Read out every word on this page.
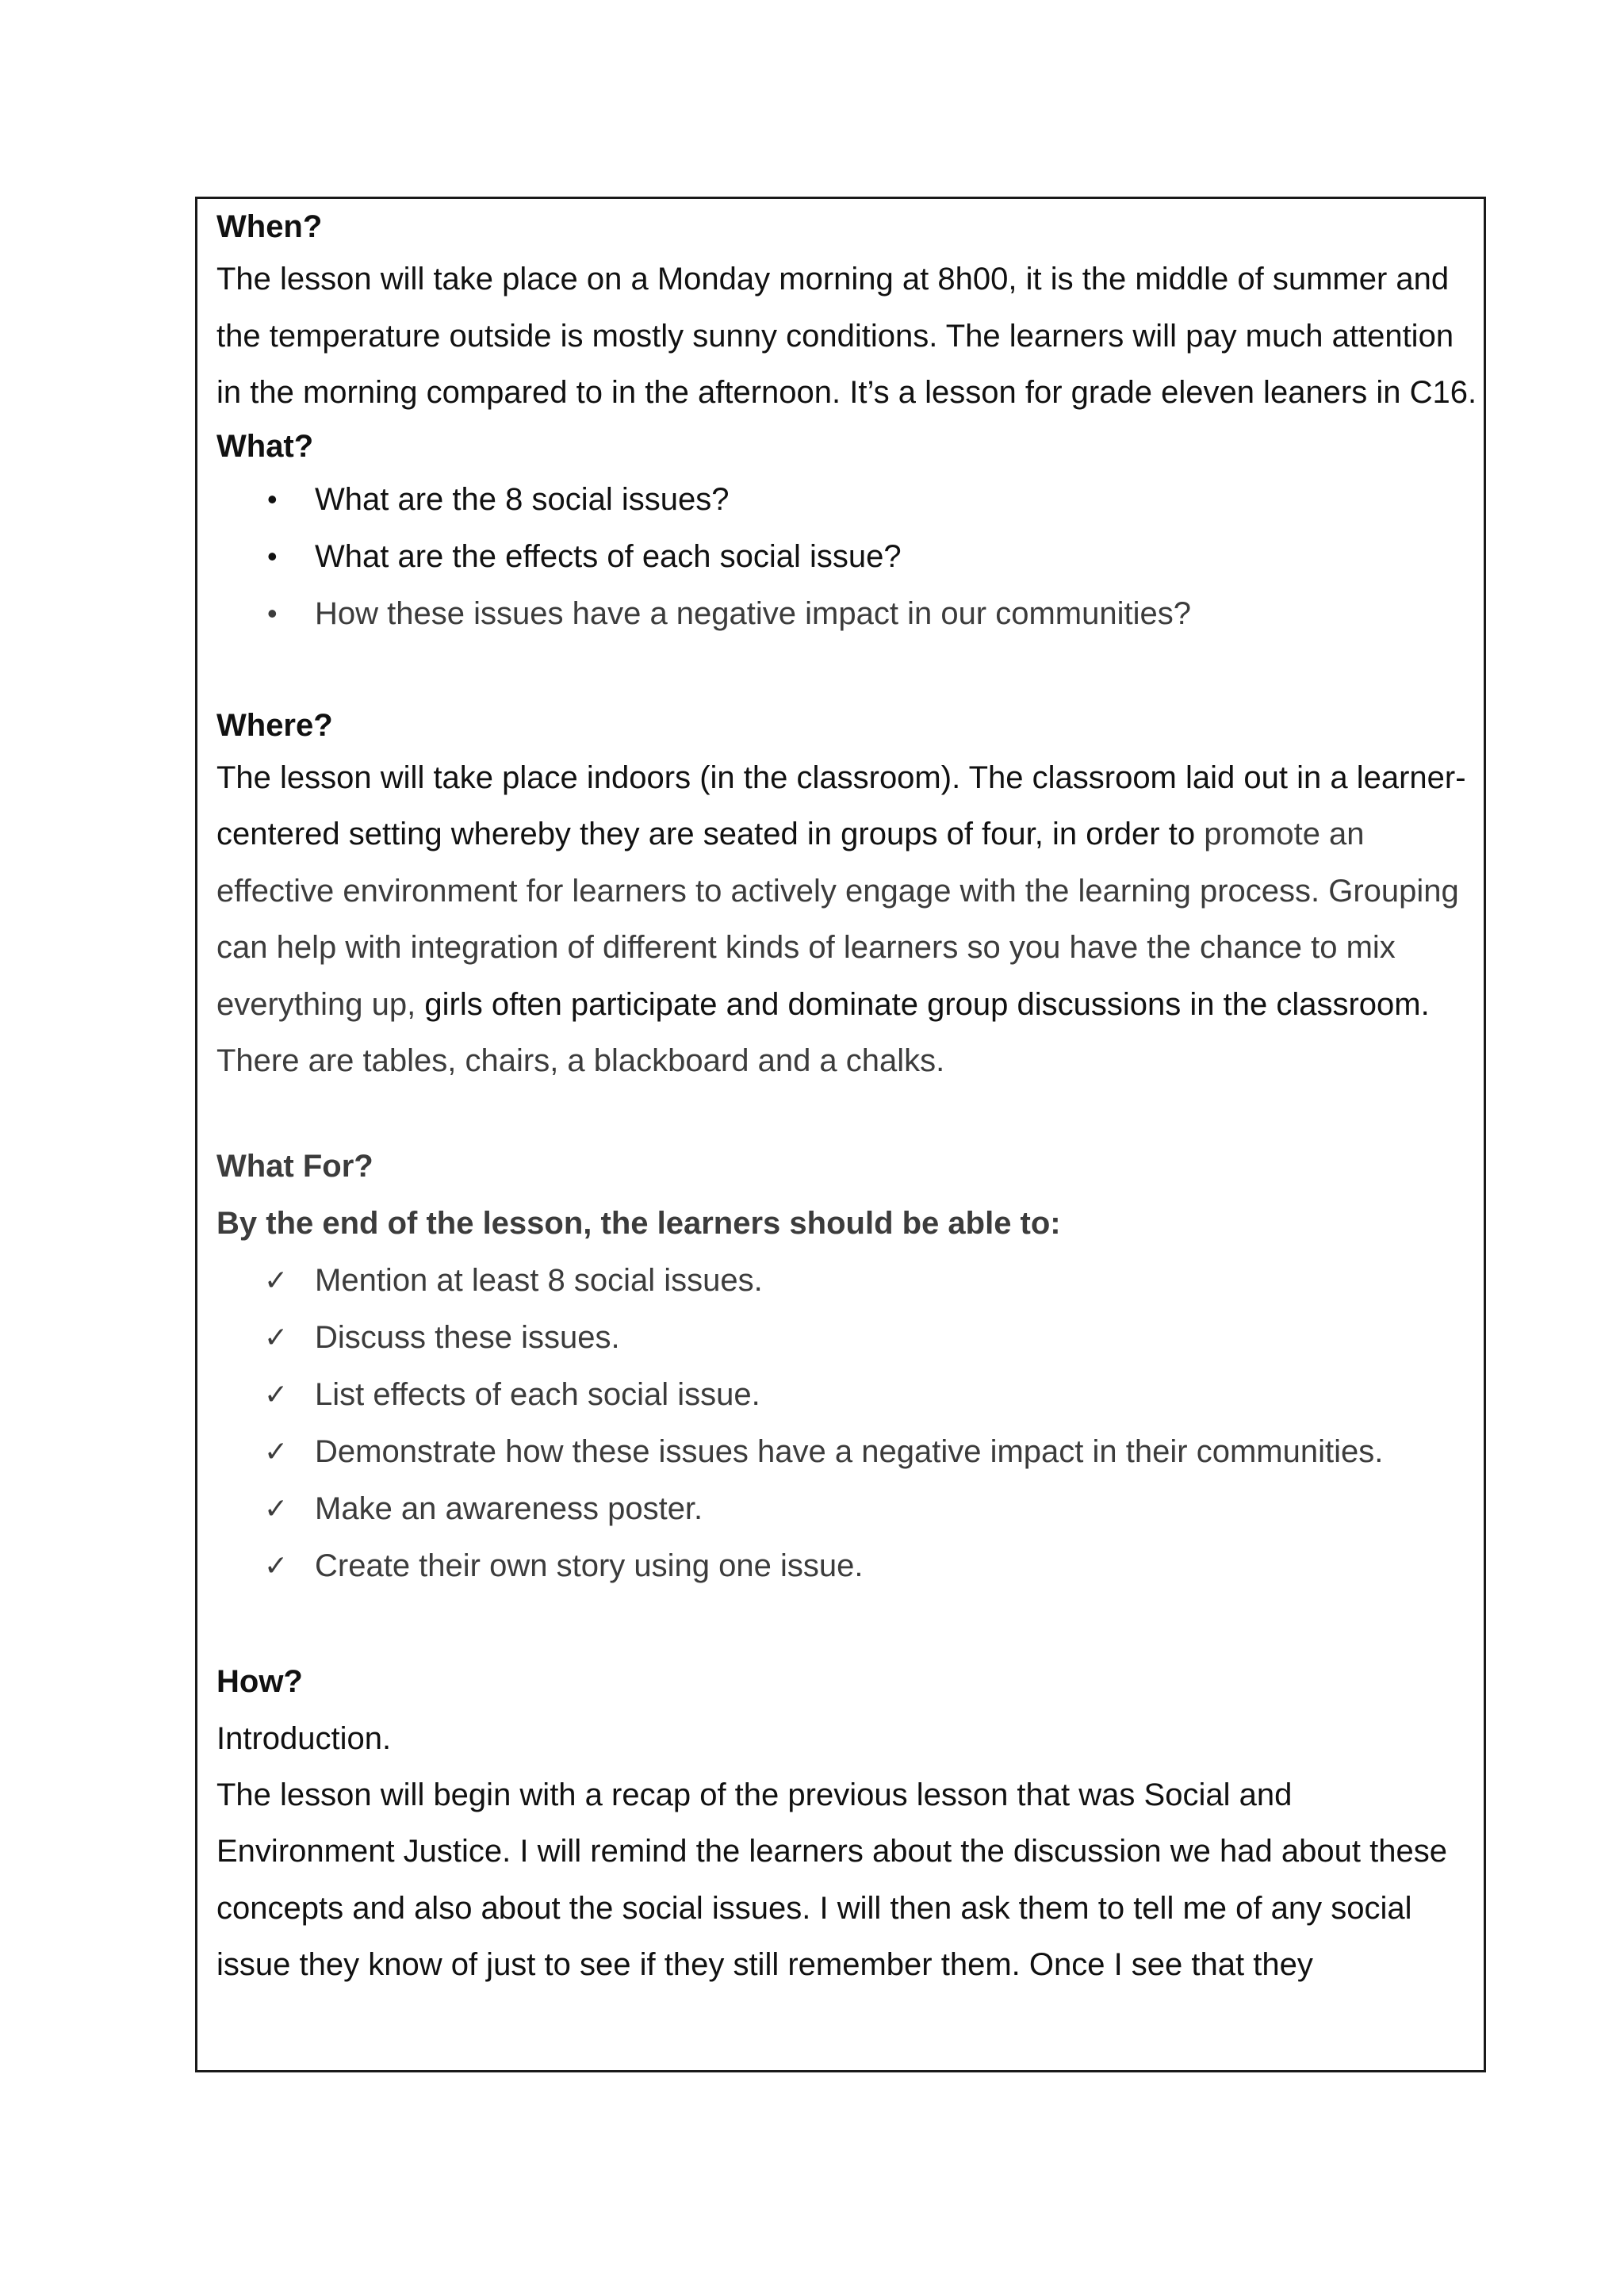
When?

The lesson will take place on a Monday morning at 8h00, it is the middle of summer and the temperature outside is mostly sunny conditions. The learners will pay much attention in the morning compared to in the afternoon. It’s a lesson for grade eleven leaners in C16.

What?
• What are the 8 social issues?
• What are the effects of each social issue?
• How these issues have a negative impact in our communities?
Where?

The lesson will take place indoors (in the classroom). The classroom laid out in a learner-centered setting whereby they are seated in groups of four, in order to promote an effective environment for learners to actively engage with the learning process. Grouping can help with integration of different kinds of learners so you have the chance to mix everything up, girls often participate and dominate group discussions in the classroom. There are tables, chairs, a blackboard and a chalks.

What For?
By the end of the lesson, the learners should be able to:
✓ Mention at least 8 social issues.
✓ Discuss these issues.
✓ List effects of each social issue.
✓ Demonstrate how these issues have a negative impact in their communities.
✓ Make an awareness poster.
✓ Create their own story using one issue.
How?

Introduction.

The lesson will begin with a recap of the previous lesson that was Social and Environment Justice. I will remind the learners about the discussion we had about these concepts and also about the social issues. I will then ask them to tell me of any social issue they know of just to see if they still remember them. Once I see that they
